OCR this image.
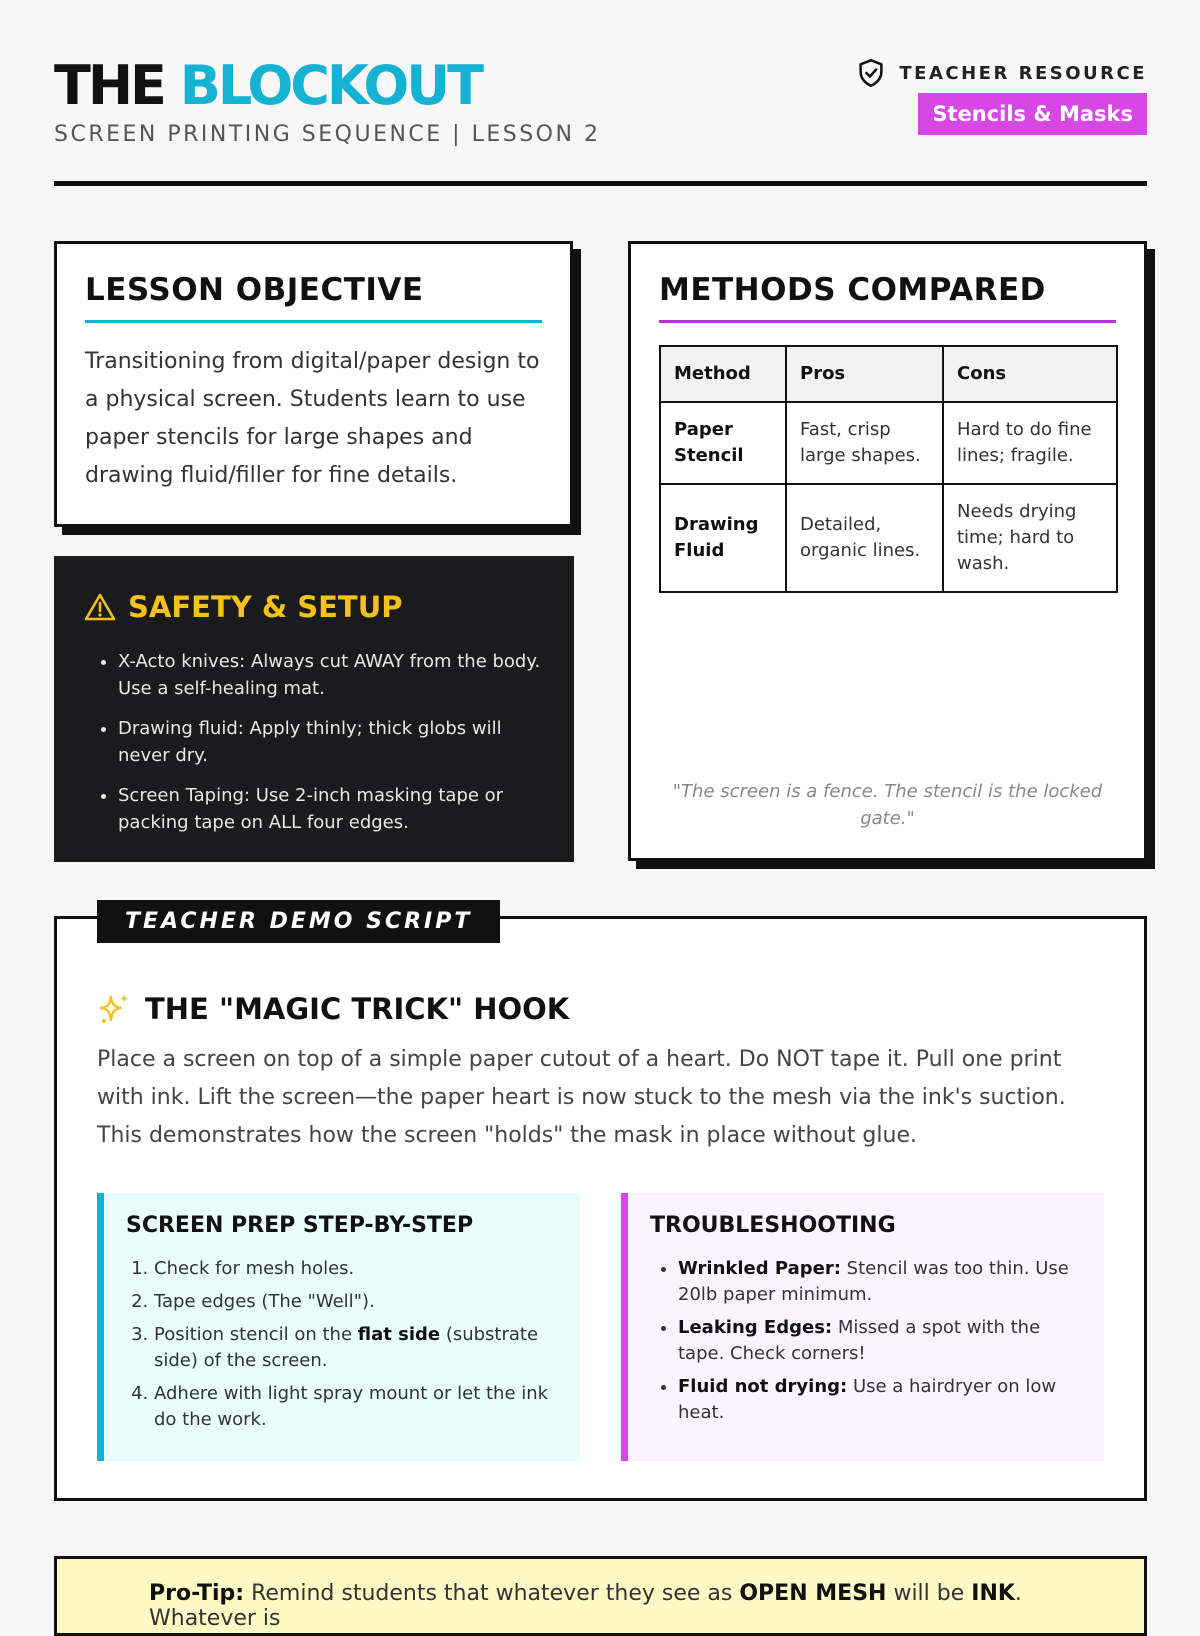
THE BLOCKOUT
SCREEN PRINTING SEQUENCE | LESSON 2
TEACHER RESOURCE
Stencils & Masks
LESSON OBJECTIVE

Transitioning from digital/paper design to a physical screen. Students learn to use paper stencils for large shapes and drawing fluid/filler for fine details.

SAFETY & SETUP
• X-Acto knives: Always cut AWAY from the body. Use a self-healing mat.
• Drawing fluid: Apply thinly; thick globs will never dry.
• Screen Taping: Use 2-inch masking tape or packing tape on ALL four edges.
METHODS COMPARED
Method	Pros	Cons
Paper Stencil	Fast, crisp large shapes.	Hard to do fine lines; fragile.
Drawing Fluid	Detailed, organic lines.	Needs drying time; hard to wash.
"The screen is a fence. The stencil is the locked gate."
TEACHER DEMO SCRIPT
THE "MAGIC TRICK" HOOK

Place a screen on top of a simple paper cutout of a heart. Do NOT tape it. Pull one print with ink. Lift the screen—the paper heart is now stuck to the mesh via the ink's suction. This demonstrates how the screen "holds" the mask in place without glue.

SCREEN PREP STEP-BY-STEP
1. Check for mesh holes.
2. Tape edges (The "Well").
3. Position stencil on the flat side (substrate side) of the screen.
4. Adhere with light spray mount or let the ink do the work.
TROUBLESHOOTING
• Wrinkled Paper: Stencil was too thin. Use 20lb paper minimum.
• Leaking Edges: Missed a spot with the tape. Check corners!
• Fluid not drying: Use a hairdryer on low heat.
Pro-Tip: Remind students that whatever they see as OPEN MESH will be INK. Whatever is
